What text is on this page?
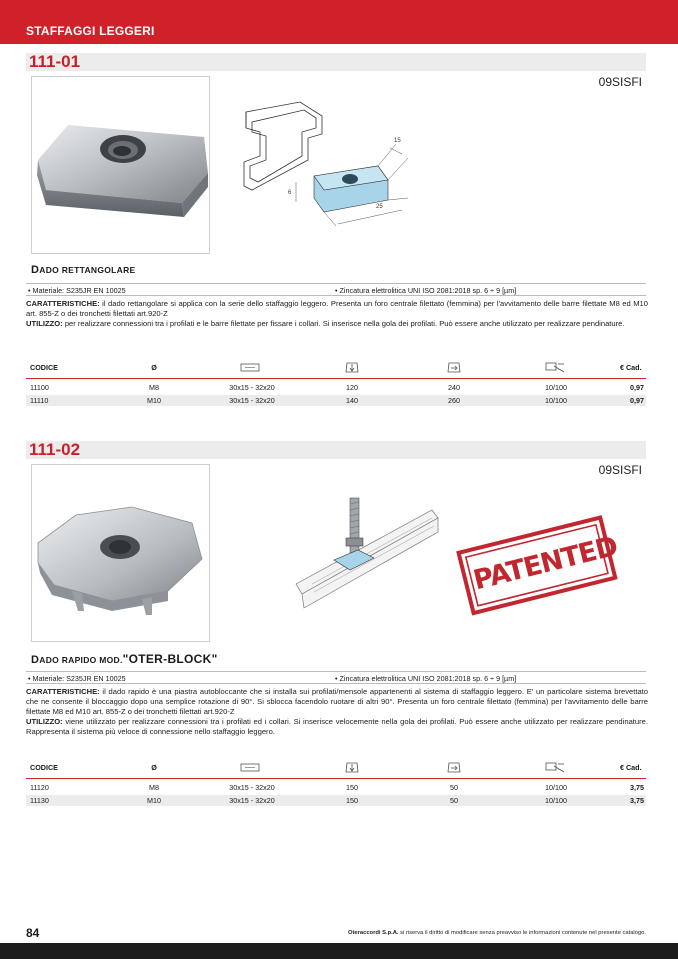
STAFFAGGI LEGGERI
111-01
09SISFI
15
25
6
DADO RETTANGOLARE
• Materiale: S235JR EN 10025	• Zincatura elettrolitica UNI ISO 2081:2018 sp. 6 ÷ 9 [µm]
CARATTERISTICHE: il dado rettangolare si applica con la serie dello staffaggio leggero. Presenta un foro centrale filettato (femmina) per l'avvitamento delle barre filettate M8 ed M10 art. 855-Z o dei tronchetti filettati art.920-Z
UTILIZZO: per realizzare connessioni tra i profilati e le barre filettate per fissare i collari. Si inserisce nella gola dei profilati. Può essere anche utilizzato per realizzare pendinature.
CODICE	Ø	€ Cad.
11100	M8	30x15 - 32x20	120	240	10/100	0,97
11110	M10	30x15 - 32x20	140	260	10/100	0,97
111-02
09SISFI
PATENTED
DADO RAPIDO MOD."OTER-BLOCK"
• Materiale: S235JR EN 10025	• Zincatura elettrolitica UNI ISO 2081:2018 sp. 6 ÷ 9 [µm]
CARATTERISTICHE: il dado rapido è una piastra autobloccante che si installa sui profilati/mensole appartenenti al sistema di staffaggio leggero. E' un particolare sistema brevettato che ne consente il bloccaggio dopo una semplice rotazione di 90°. Si sblocca facendolo ruotare di altri 90°. Presenta un foro centrale filettato (femmina) per l'avvitamento delle barre filettate M8 ed M10 art. 855-Z o dei tronchetti filettati art.920-Z
UTILIZZO: viene utilizzato per realizzare connessioni tra i profilati ed i collari. Si inserisce velocemente nella gola dei profilati. Può essere anche utilizzato per realizzare pendinature. Rappresenta il sistema più veloce di connessione nello staffaggio leggero.
CODICE	Ø	€ Cad.
11120	M8	30x15 - 32x20	150	50	10/100	3,75
11130	M10	30x15 - 32x20	150	50	10/100	3,75
84	Oteraccordi S.p.A. si riserva il diritto di modificare senza preavviso le informazioni contenute nel presente catalogo.
